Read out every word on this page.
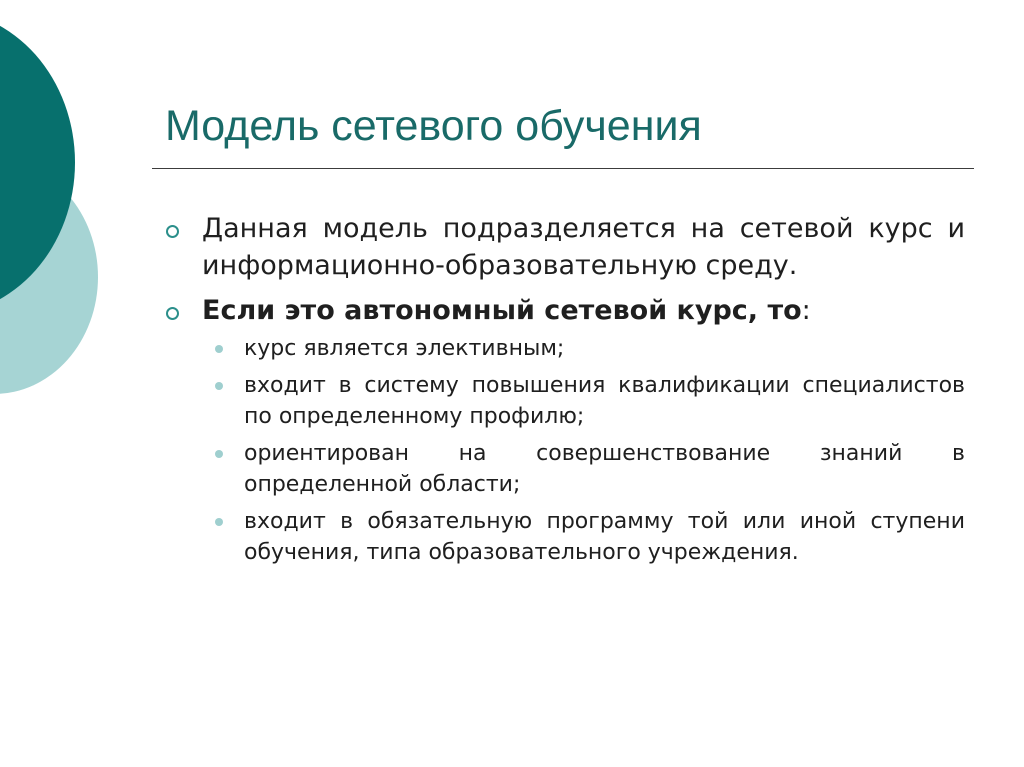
Модель сетевого обучения
Данная модель подразделяется на сетевой курс и информационно-образовательную среду.
Если это автономный сетевой курс, то:
курс является элективным;
входит в систему повышения квалификации специалистов по определенному профилю;
ориентирован на совершенствование знаний в определенной области;
входит в обязательную программу той или иной ступени обучения, типа образовательного учреждения.
